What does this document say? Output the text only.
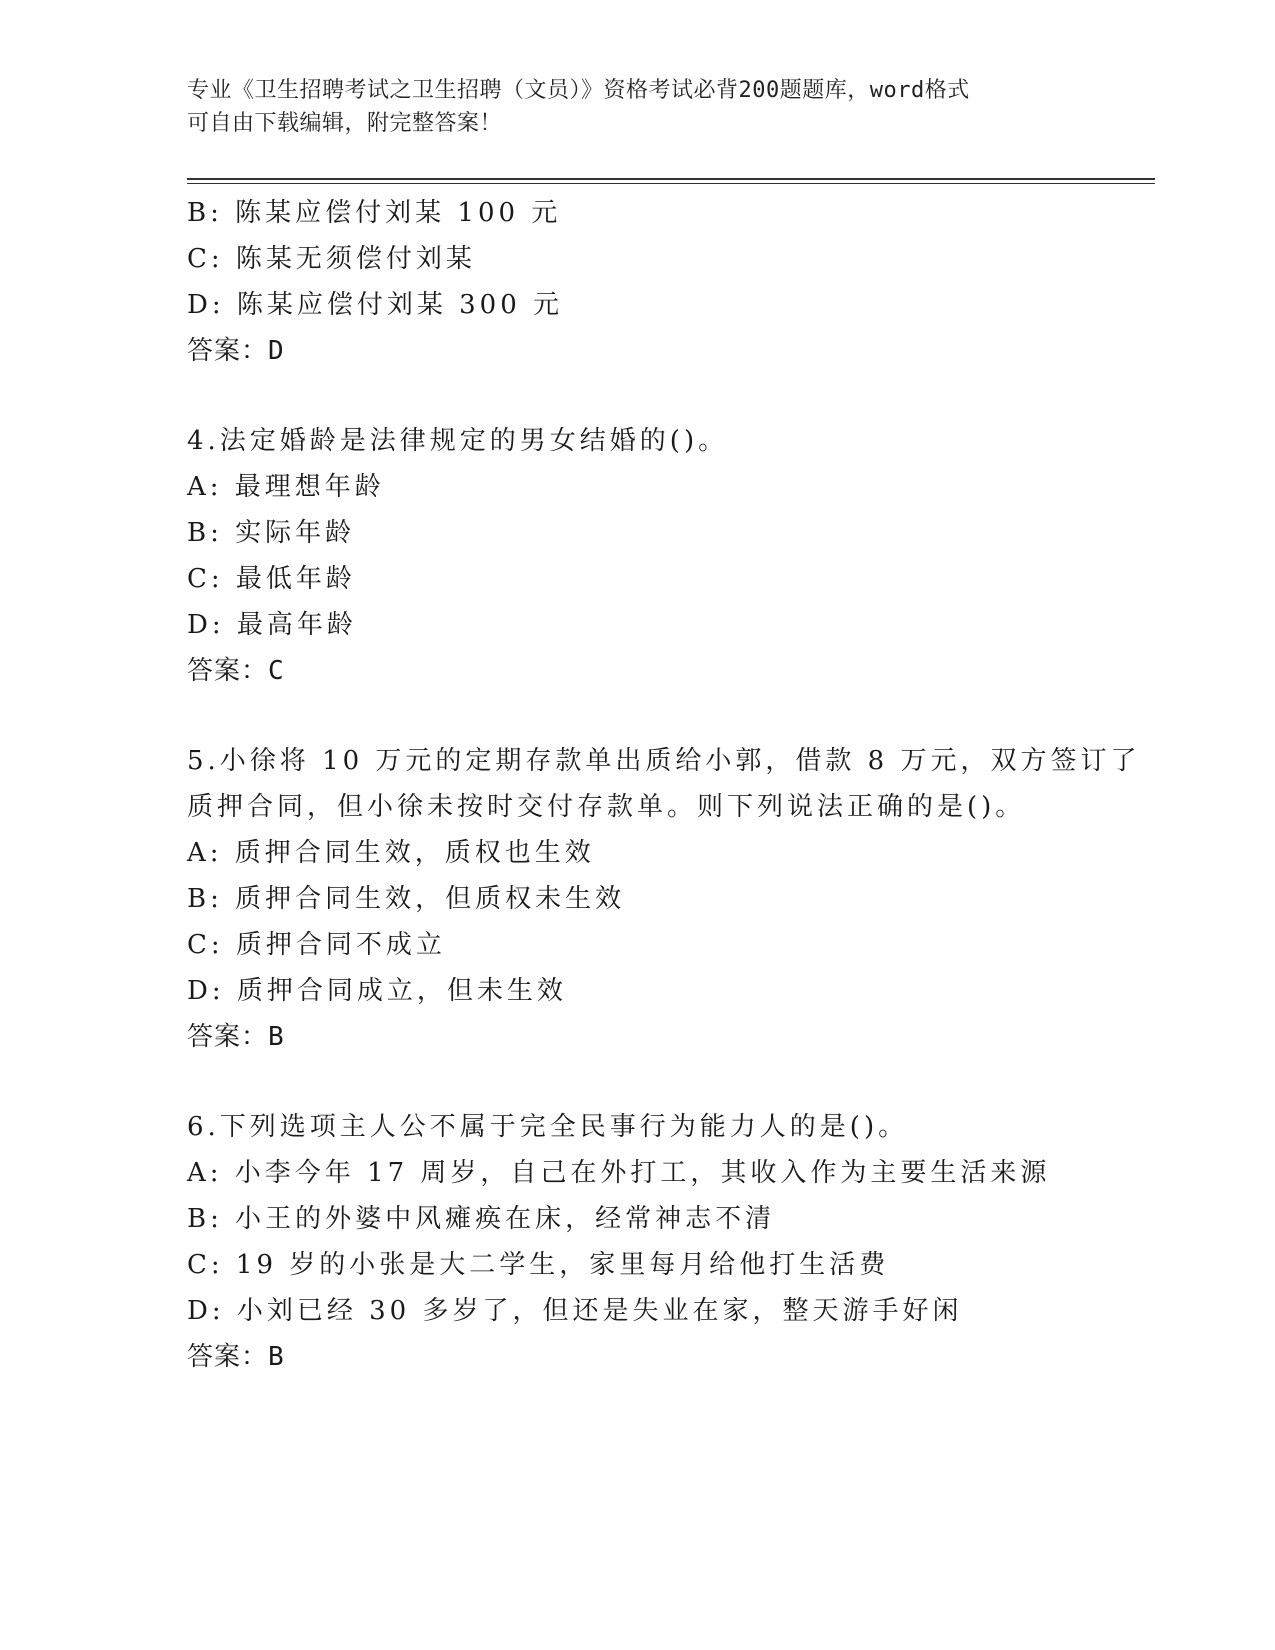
专业《卫生招聘考试之卫生招聘（文员）》资格考试必背200题题库，word格式
可自由下载编辑，附完整答案！
B: 陈某应偿付刘某 100 元
C: 陈某无须偿付刘某
D: 陈某应偿付刘某 300 元
答案：D
4.法定婚龄是法律规定的男女结婚的()。
A: 最理想年龄
B: 实际年龄
C: 最低年龄
D: 最高年龄
答案：C
5.小徐将 10 万元的定期存款单出质给小郭，借款 8 万元，双方签订了
质押合同，但小徐未按时交付存款单。则下列说法正确的是()。
A: 质押合同生效，质权也生效
B: 质押合同生效，但质权未生效
C: 质押合同不成立
D: 质押合同成立，但未生效
答案：B
6.下列选项主人公不属于完全民事行为能力人的是()。
A: 小李今年 17 周岁，自己在外打工，其收入作为主要生活来源
B: 小王的外婆中风瘫痪在床，经常神志不清
C: 19 岁的小张是大二学生，家里每月给他打生活费
D: 小刘已经 30 多岁了，但还是失业在家，整天游手好闲
答案：B
